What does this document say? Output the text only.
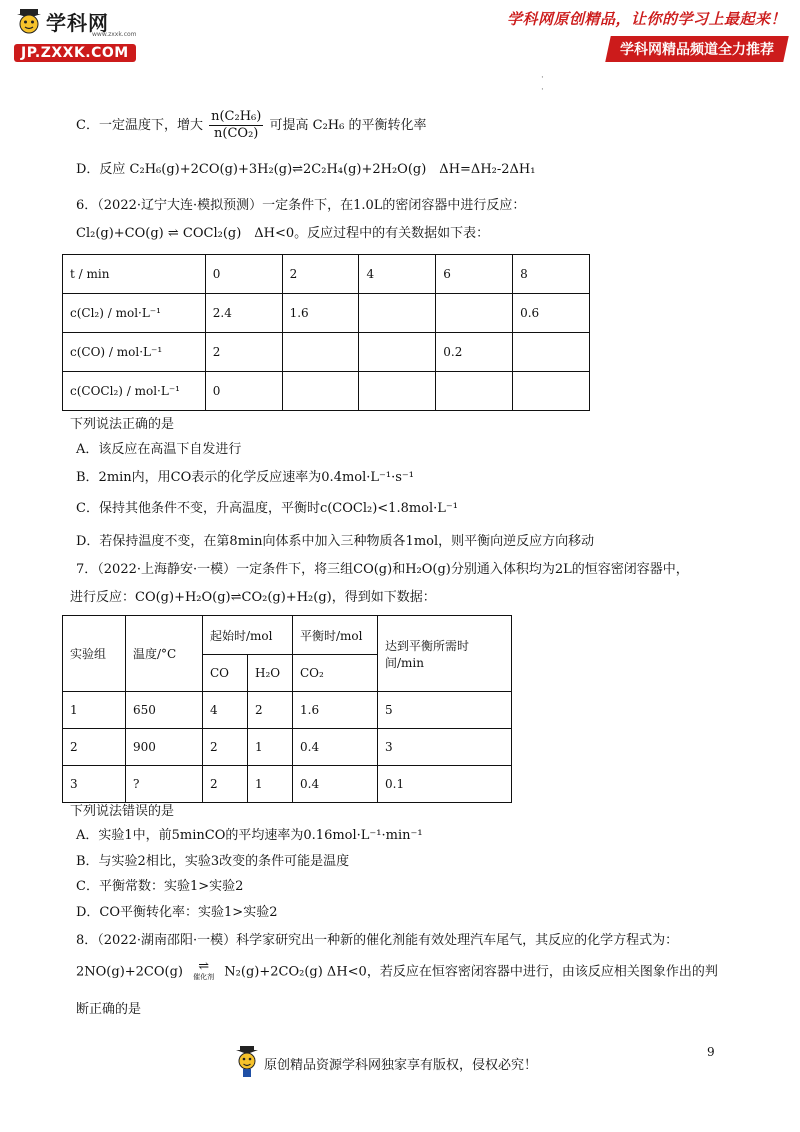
学科网
www.zxxk.com
JP.ZXXK.COM
学科网原创精品，让你的学习上最起来！
学科网精品频道全力推荐
·
·
C．一定温度下，增大 $\frac{\text{n(C₂H₆)}}{\text{n(CO₂)}}$ 可提高 C₂H₆ 的平衡转化率
D．反应 C₂H₆(g)+2CO(g)+3H₂(g)⇌2C₂H₄(g)+2H₂O(g)　ΔH=ΔH₂-2ΔH₁
6．（2022·辽宁大连·模拟预测）一定条件下，在1.0L的密闭容器中进行反应：
Cl₂(g)+CO(g) ⇌ COCl₂(g)　ΔH<0。反应过程中的有关数据如下表：
t / min	0	2	4	6	8
c(Cl₂) / mol·L⁻¹	2.4	1.6			0.6
c(CO) / mol·L⁻¹	2			0.2	
c(COCl₂) / mol·L⁻¹	0				
下列说法正确的是
A．该反应在高温下自发进行
B．2min内，用CO表示的化学反应速率为0.4mol·L⁻¹·s⁻¹
C．保持其他条件不变，升高温度，平衡时c(COCl₂)<1.8mol·L⁻¹
D．若保持温度不变，在第8min向体系中加入三种物质各1mol，则平衡向逆反应方向移动
7．（2022·上海静安·一模）一定条件下，将三组CO(g)和H₂O(g)分别通入体积均为2L的恒容密闭容器中，
进行反应：CO(g)+H₂O(g)⇌CO₂(g)+H₂(g)，得到如下数据：
实验组	温度/°C	起始时/mol		平衡时/mol	达到平衡所需时间/min
		CO	H₂O	CO₂	
1	650	4	2	1.6	5
2	900	2	1	0.4	3
3	?	2	1	0.4	0.1
下列说法错误的是
A．实验1中，前5minCO的平均速率为0.16mol·L⁻¹·min⁻¹
B．与实验2相比，实验3改变的条件可能是温度
C．平衡常数：实验1>实验2
D．CO平衡转化率：实验1>实验2
8．（2022·湖南邵阳·一模）科学家研究出一种新的催化剂能有效处理汽车尾气，其反应的化学方程式为：
2NO(g)+2CO(g) ⇌
催化剂 N₂(g)+2CO₂(g) ΔH<0，若反应在恒容密闭容器中进行，由该反应相关图象作出的判
断正确的是
原创精品资源学科网独家享有版权，侵权必究！
9
